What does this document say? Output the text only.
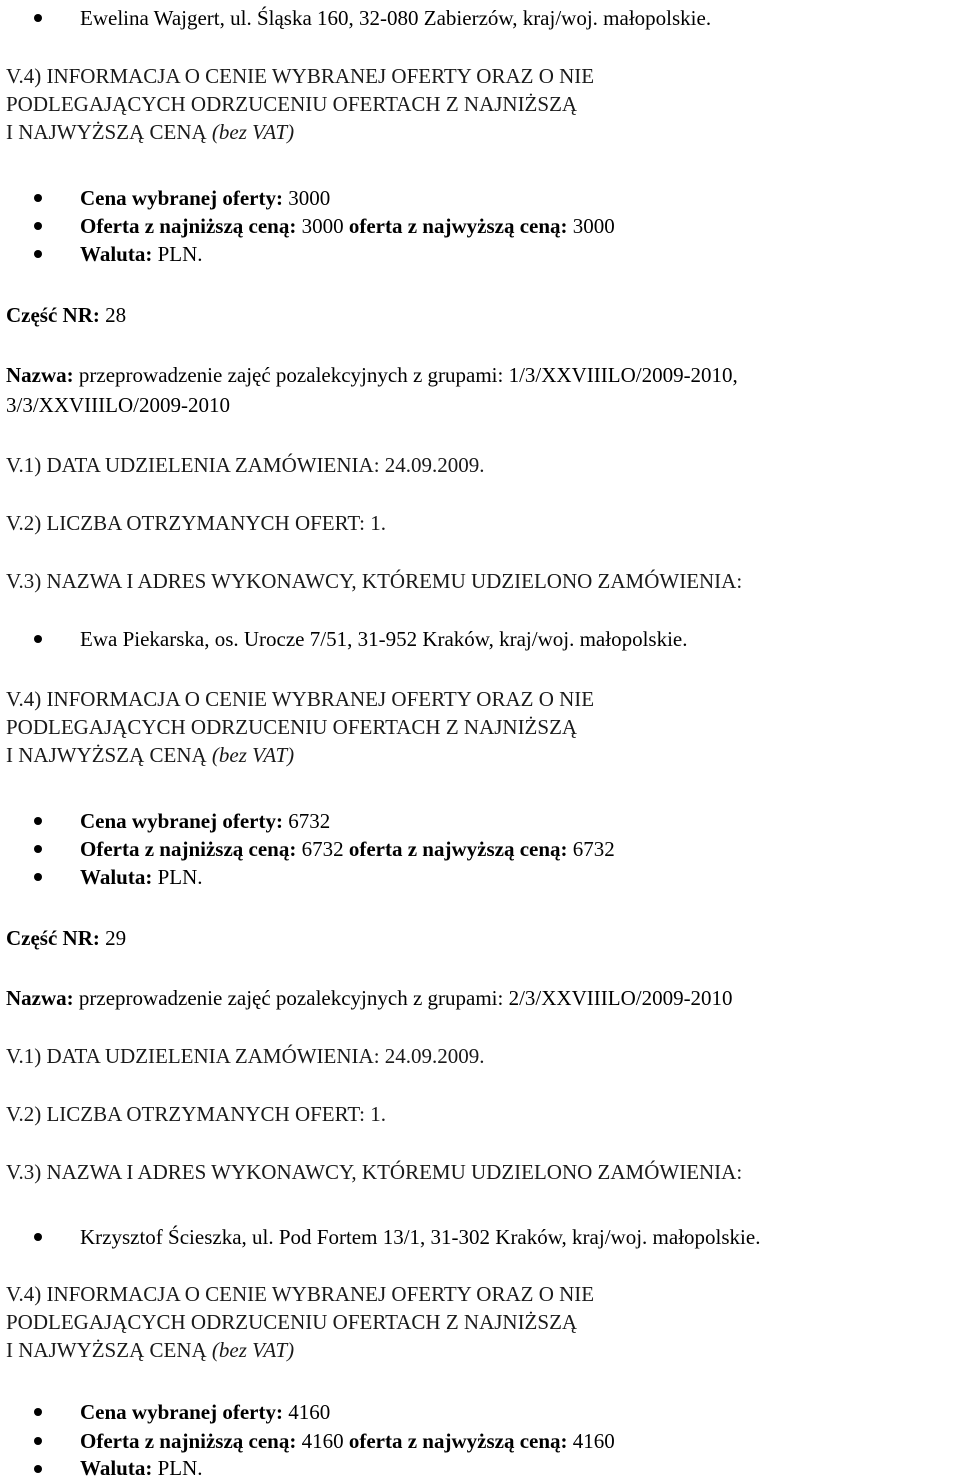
Ewelina Wajgert, ul. Śląska 160, 32-080 Zabierzów, kraj/woj. małopolskie.
V.4) INFORMACJA O CENIE WYBRANEJ OFERTY ORAZ O NIE
PODLEGAJĄCYCH ODRZUCENIU OFERTACH Z NAJNIŻSZĄ
I NAJWYŻSZĄ CENĄ (bez VAT)
Cena wybranej oferty: 3000
Oferta z najniższą ceną: 3000 oferta z najwyższą ceną: 3000
Waluta: PLN.
Część NR: 28
Nazwa: przeprowadzenie zajęć pozalekcyjnych z grupami: 1/3/XXVIIILO/2009-2010,
3/3/XXVIIILO/2009-2010
V.1) DATA UDZIELENIA ZAMÓWIENIA: 24.09.2009.
V.2) LICZBA OTRZYMANYCH OFERT: 1.
V.3) NAZWA I ADRES WYKONAWCY, KTÓREMU UDZIELONO ZAMÓWIENIA:
Ewa Piekarska, os. Urocze 7/51, 31-952 Kraków, kraj/woj. małopolskie.
V.4) INFORMACJA O CENIE WYBRANEJ OFERTY ORAZ O NIE
PODLEGAJĄCYCH ODRZUCENIU OFERTACH Z NAJNIŻSZĄ
I NAJWYŻSZĄ CENĄ (bez VAT)
Cena wybranej oferty: 6732
Oferta z najniższą ceną: 6732 oferta z najwyższą ceną: 6732
Waluta: PLN.
Część NR: 29
Nazwa: przeprowadzenie zajęć pozalekcyjnych z grupami: 2/3/XXVIIILO/2009-2010
V.1) DATA UDZIELENIA ZAMÓWIENIA: 24.09.2009.
V.2) LICZBA OTRZYMANYCH OFERT: 1.
V.3) NAZWA I ADRES WYKONAWCY, KTÓREMU UDZIELONO ZAMÓWIENIA:
Krzysztof Ścieszka, ul. Pod Fortem 13/1, 31-302 Kraków, kraj/woj. małopolskie.
V.4) INFORMACJA O CENIE WYBRANEJ OFERTY ORAZ O NIE
PODLEGAJĄCYCH ODRZUCENIU OFERTACH Z NAJNIŻSZĄ
I NAJWYŻSZĄ CENĄ (bez VAT)
Cena wybranej oferty: 4160
Oferta z najniższą ceną: 4160 oferta z najwyższą ceną: 4160
Waluta: PLN.
